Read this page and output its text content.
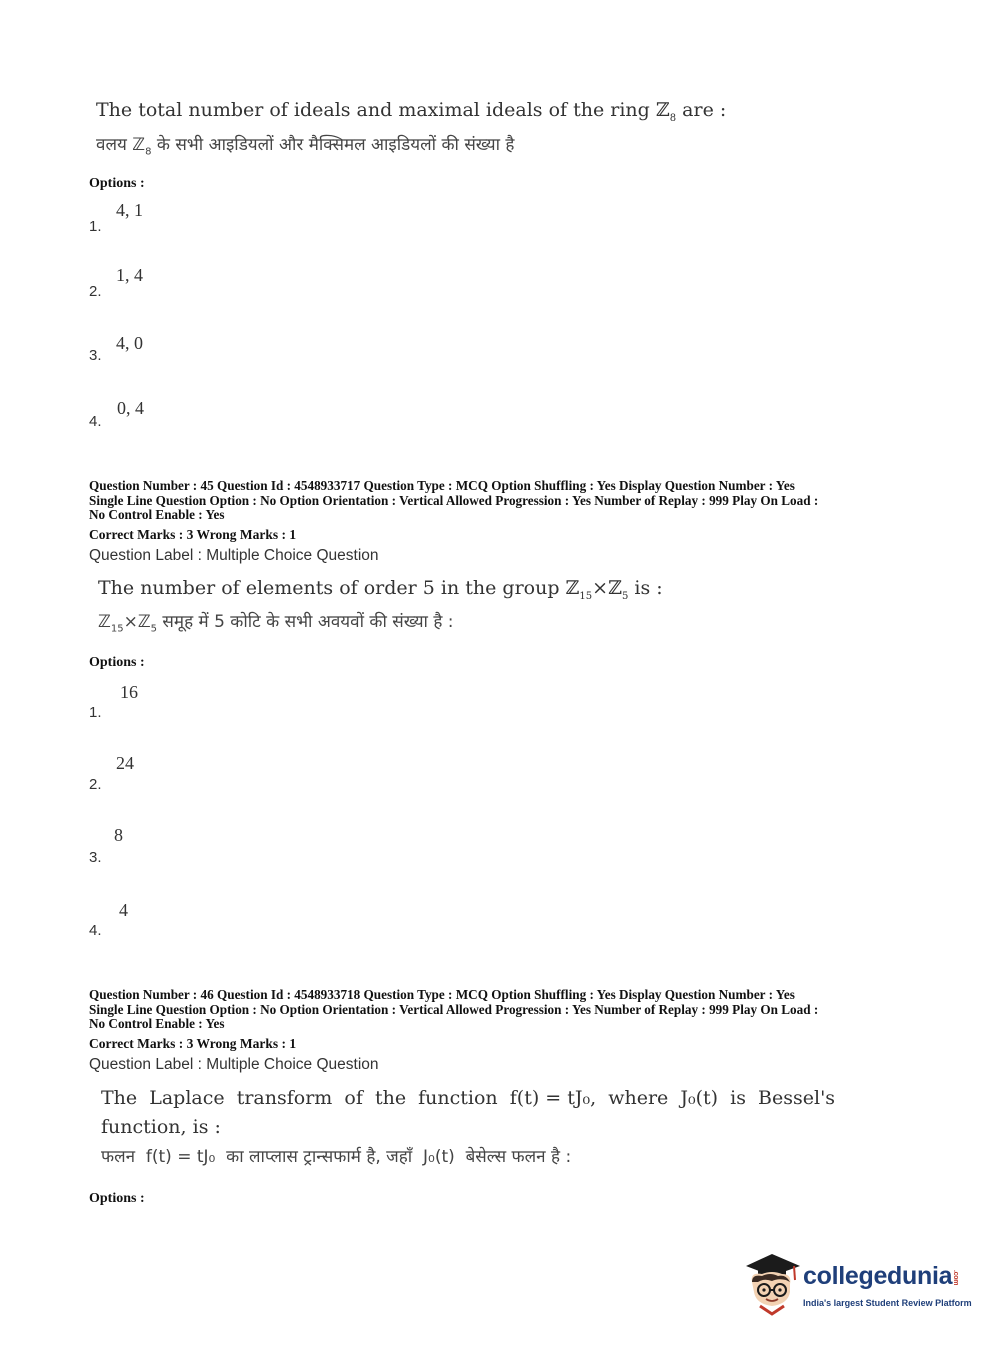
The total number of ideals and maximal ideals of the ring ℤ$_8$ are :
वलय ℤ$_8$ के सभी आइडियलों और मैक्सिमल आइडियलों की संख्या है
Options :
4, 1
1.
1, 4
2.
4, 0
3.
0, 4
4.
Question Number : 45 Question Id : 4548933717 Question Type : MCQ Option Shuffling : Yes Display Question Number : Yes
Single Line Question Option : No Option Orientation : Vertical Allowed Progression : Yes Number of Replay : 999 Play On Load :
No Control Enable : Yes
Correct Marks : 3 Wrong Marks : 1
Question Label : Multiple Choice Question
The number of elements of order 5 in the group ℤ$_{15}$×ℤ$_5$ is :
ℤ$_{15}$×ℤ$_5$ समूह में 5 कोटि के सभी अवयवों की संख्या है :
Options :
16
1.
24
2.
8
3.
4
4.
Question Number : 46 Question Id : 4548933718 Question Type : MCQ Option Shuffling : Yes Display Question Number : Yes
Single Line Question Option : No Option Orientation : Vertical Allowed Progression : Yes Number of Replay : 999 Play On Load :
No Control Enable : Yes
Correct Marks : 3 Wrong Marks : 1
Question Label : Multiple Choice Question
The  Laplace  transform  of  the  function  f(t) = tJ₀,  where  J₀(t)  is  Bessel's
function, is :
फलन  f(t) = tJ₀  का लाप्लास ट्रान्सफार्म है, जहाँ  J₀(t)  बेसेल्स फलन है :
Options :
collegedunia.com
India's largest Student Review Platform
